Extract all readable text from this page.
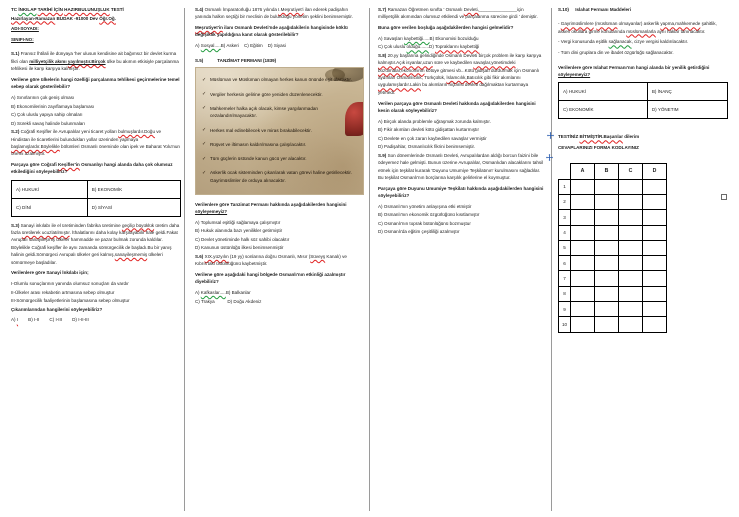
TC İNKILAP TARİHİ İÇİN HAZIRBULUNUŞLUK TESTİ

Hazırlayan-Ramazan BUDAK -91000 Dev Öğr.Oğ.

ADI-SOYADI:

SINIFI-NO:

S.1) Fransız İhtilali ile dünyaya 'her ulusun kendisine ait bağımsız bir devlet kurma fikri olan milliyetçilik akımı yayılmıştır.Birçok ülke bu akımın etkisiyle parçalanma tehlikesi ile karşı karşıya kalmıştır.

Verilene göre ülkelerin hangi özelliği parçalanma tehlikesi geçirmelerine temel sebep olarak gösterilebilir?

A) Sınırlarının çok geniş olması

B) Ekonomilerinin zayıflamaya başlaması

C) Çok uluslu yapıya sahip olmaları

D) Sürekli savaş halinde bulunmaları

S.2) Coğrafi Keşifler ile Avrupalılar yeni ticaret yolları bulmuşlardır.Doğu ve Hindistan ile ticaretlerini bulundukları yollar üzerinden yapmaya başlamışlardır.Böylelikle bölümleri Osmanlı öneminde olan ipek ve Baharat Yolu'nun önemi azalmıştır.

Parçaya göre Coğrafi Keşifler'in Osmanlıyı hangi alanda daha çok olumsuz etkilediğini söyleyebiliriz?

A) HUKUKİ	B) EKONOMİK
C) DİNİ	D) SİYASİ

S.3) Sanayi inkılabı ile el üretiminden fabrika üretimine geçilip büyüklük üretim daha fazla üretilerek ucuzlatılmıştır. İthalatlarını daha kolay karşılayabilir hale geldi.Fakat Avrupalı sanayileşmiş ülkeler hammadde ve pazar bulmak zorunda kaldılar. Böylelikle Coğrafi keşifler ile aynı zamanda sömürgecilik de başladı.Bu bir yanış halinin geldi.Sömürgeci Avrupalı ülkeler geri kalmış,sanayileşmemiş ülkeleri sömürmeye başladılar.

Verilenlere göre Sanayi İnkılabı için;

I-Olumlu sonuçlarının yanında olumsuz sonuçları da vardır

II-Ülkeler arası rekabetin artmasına sebep olmuştur

III-Sömürgecilik faaliyetlerinin başlamasına sebep olmuştur

Çıkarımlarından hangilerini söyleyebiliriz?

A) I        B) I-II        C) I-III        D) I-II-III

S.4) Osmanlı İmparatorluğu 1876 yılında I.Meşrutiyet'i ilan ederek padişahın yanında halkın seçtiği bir meclisin de bulunduğu yönetim şeklini benimsemiştir.

Meşrutiyet'in ilanı Osmanlı Devleti'nde aşağıdakilerin hangisinde köklü değişiklik yapıldığına kanıt olarak gösterilebilir?

A) Sosyal.....B) Askeri    C) Eğitim    D) Siyasi

S.5)	TANZİMAT FERMANI (1839)

✓ Müslüman ve Müslüman olmayan herkes kanun önünde eşit olacaktır.
✓ Vergiler herkesin gelirine göre yeniden düzenlenecektir.
✓ Mahkemeler halka açık olacak, kimse yargılanmadan cezalandırılmayacaktır.
✓ Herkes mal edinebilecek ve miras bırakabilecektir.
✓ Rüşvet ve iltimasın kaldırılmasına çalışılacaktır.
✓ Tüm güçlerin üstünde kanun gücü yer alacaktır.
✓ Askerlik ocak sisteminden çıkarılarak vatan görevi haline getirilecektir. Gayrimüslimler de orduya alınacaktır.

Verilenlere göre Tanzimat Fermanı hakkında aşağıdakilerden hangisini söyleyemeyiz?

A) Toplumsal eşitliği sağlamaya çalışmıştır

B) Hukuk alanında bazı yenilikler getirmiştir

C) Devlet yönetiminde halk söz sahibi olacaktır

D) Kanunun üstünlüğü ilkesi benimsenmiştir

S.6) XIX.yüzyılın (19 yy) sonlarına doğru Osmanlı, Mısır (Süveyş Kanalı) ve Kıbrıs'taki üstünlüğünü kaybetmiştir.

Verilene göre aşağıdaki hangi bölgede Osmanlı'nın etkinliği azalmıştır diyebiliriz?

A) Kafkaslar.....B) Balkanlar

C) Trakya          D) Doğu Akdeniz

S.7) Ramazan Öğretmen sınıfta ' Osmanlı Devleti,_______________için milliyetçilik akımından olumsuz etkilendi ve parçalanma sürecine girdi ' demiştir.

Buna göre verilen boşluğa aşağıdakilerden hangisi gelmelidir?

A) Savaşları kaybettiği.....B) Ekonomisi bozulduğu

C) Çok uluslu olduğu.......D) Topraklarını kaybettiği

S.8) 20.yy başlarına gelindiğinde Osmanlı Devleti birçok problem ile karşı karşıya kalmıştır.Açık isyanlar,uzun süre ve kaybedilen savaşlar,yönetimdeki bozulmalar,ekonominin kötüye gitmesi vb...Kötü gidişatı durdurmak için Osmanlı aydınları Osmanlıcılık, Türkçülük, İslamcılık,Batıcılık gibi fikir akımlarını uygulamışlardır.Lakin bu akımların hiçbirisi devleti dağılmaktan kurtarmaya yetmedi.

Verilen parçaya göre Osmanlı Devleti hakkında aşağıdakilerden hangisini kesin olarak söyleyebiliriz?

A) Birçok alanda problemle uğraşmak zorunda kalmıştır.

B) Fikir akımları devleti kötü gidişattan kurtarmıştır

C) Devlete en çok zararı kaybedilen savaşlar vermiştir

D) Padişahlar, Osmanlıcılık fikrini benimsemiştir.

S.9) Son dönemlerinde Osmanlı Devleti, Avrupalılardan aldığı borcun faizini bile ödeyemez hale gelmişti. Bunun üzerine Avrupalılar, Osmanlıdan alacaklarını tahsil etmek için teşkilat kurarak 'Duyunu Umumiye Teşkilatının' kurulmasını sağladılar. Bu teşkilat Osmanlı'nın borçlarına karşılık gelirlerine el koymuştur.

Parçaya göre Duyunu Umumiye Teşkilatı hakkında aşağıdakilerden hangisini söyleyebiliriz?

A) Osmanlı'nın yönetim anlayışına etki etmiştir

B) Osmanlı'nın ekonomik özgürlüğünü kısıtlamıştır

C) Osmanlı'nın toprak bütünlüğünü bozmuştur

D) Osmanlı'da eğitim çeşitliliği azalmıştır

S.10) Islahat Fermanı Maddeleri

- Gayrimüslimlere (müslüman olmayanlar) askerlik yapma,mahkemede şahitlik, askeri okullara girme konularında müslümanlarla aynı haklar tanınacaktır.

- Vergi konusunda eşitlik sağlanacak, cizye vergisi kaldırılacaktır.

- Tüm dini gruplara din ve ibadet özgürlüğü sağlanacaktır.

Verilenlere göre Islahat Fermanı'nın hangi alanda bir yenilik getirdiğini söyleyemeyiz?

A) HUKUKİ	B) İNANÇ
C) EKONOMİK	D) YÖNETIM

TESTİNİZ BİTMİŞTİR.Başarılar dilerim

CEVAPLARINIZI FORMA KODLAYINIZ

	A	B	C	D
1				
2				
3				
4				
5				
6				
7				
8				
9				
10				
